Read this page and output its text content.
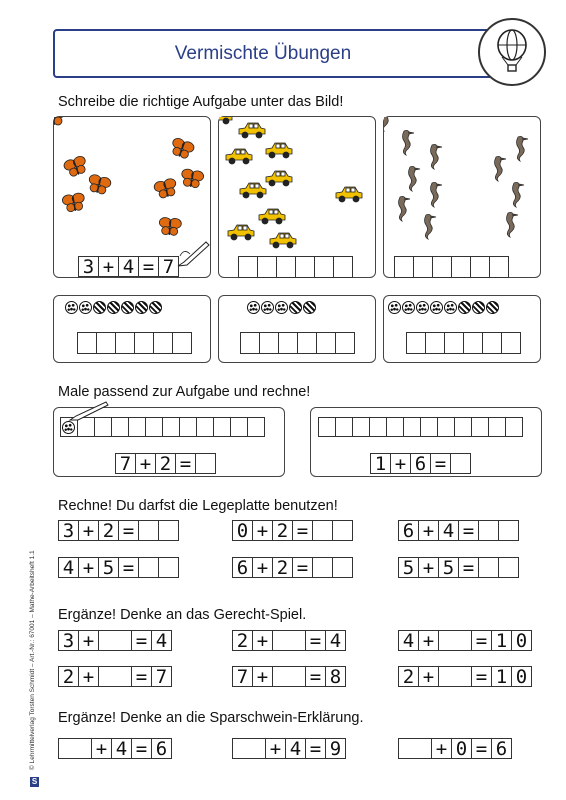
Vermischte Übungen
Schreibe die richtige Aufgabe unter das Bild!
3 + 4 = 7
Male passend zur Aufgabe und rechne!
7 + 2 =	1 + 6 =
Rechne! Du darfst die Legeplatte benutzen!
3 + 2 =	0 + 2 =	6 + 4 =
4 + 5 =	6 + 2 =	5 + 5 =
Ergänze! Denke an das Gerecht-Spiel.
3 + = 4	2 + = 4	4 + = 1 0
2 + = 7	7 + = 8	2 + = 1 0
Ergänze! Denke an die Sparschwein-Erklärung.
+ 4 = 6	+ 4 = 9	+ 0 = 6
S
© Lehrmittelverlag Torsten Schmidt – Art.-Nr.: 67001 – Mathe-Arbeitsheft 1.1
